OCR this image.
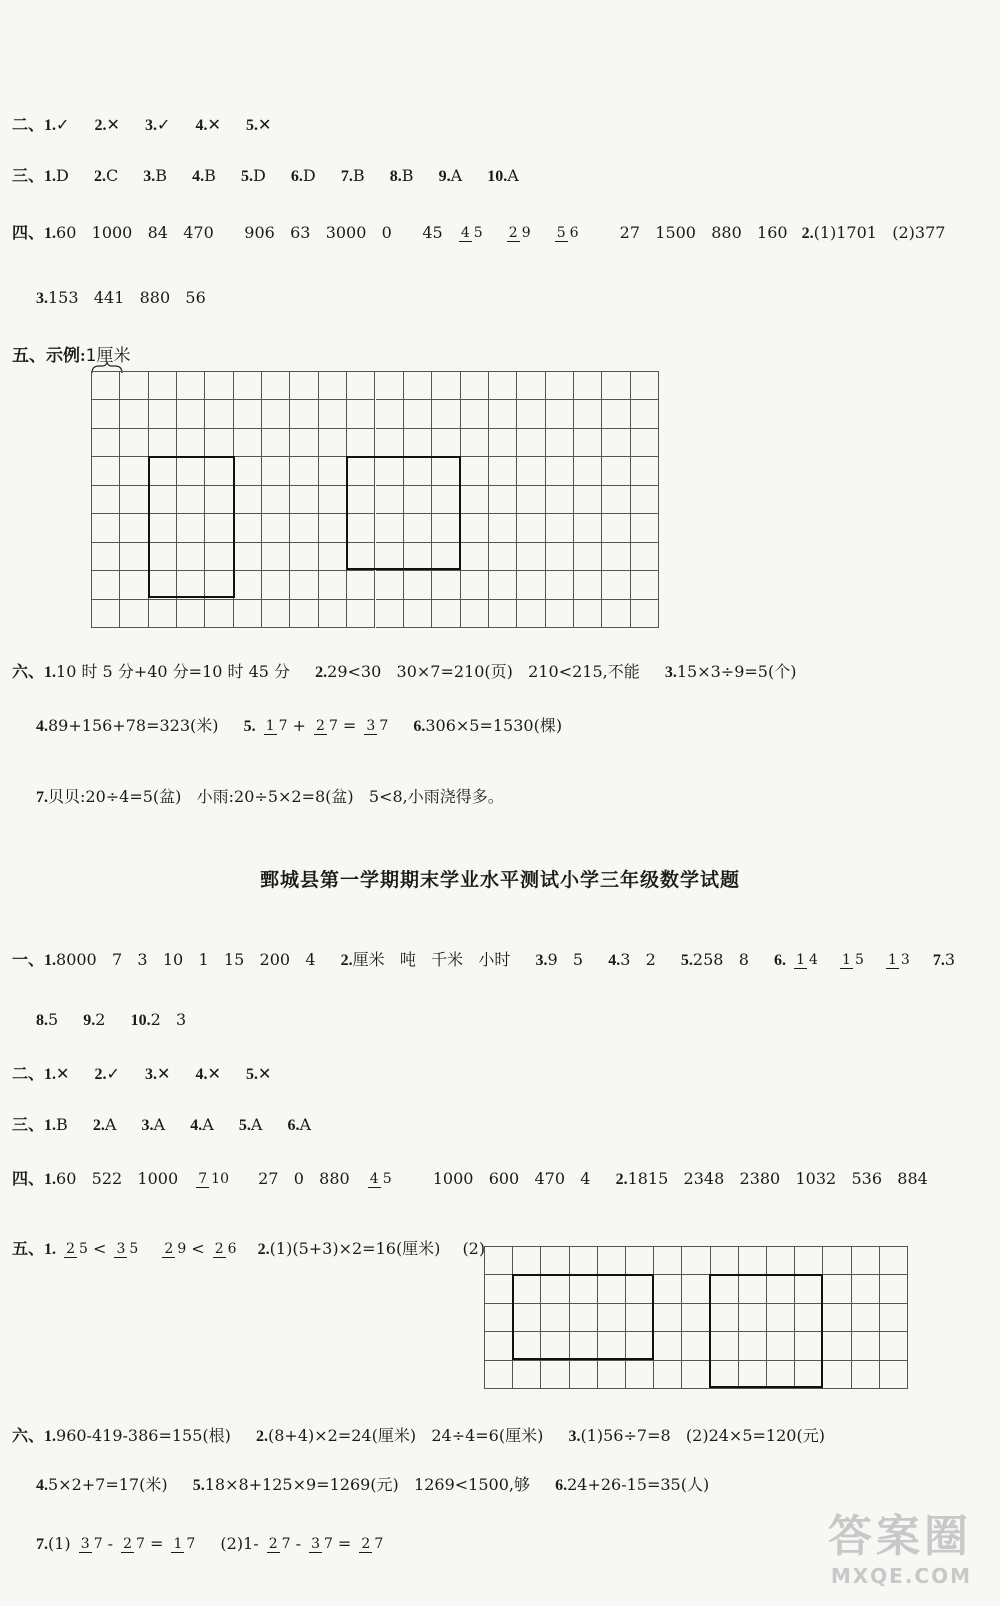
二、1.✓ 2.✕ 3.✓ 4.✕ 5.✕
三、1.D 2.C 3.B 4.B 5.D 6.D 7.B 8.B 9.A 10.A
四、1.60   1000   84   470      906   63   3000   0      45 4 5 2 9 5 6	27   1500   880   160 2.(1)1701   (2)377
3.153   441   880   56
五、示例:1厘米
六、1.10 时 5 分+40 分=10 时 45 分 2.29<30   30×7=210(页)   210<215,不能 3.15×3÷9=5(个)
4.89+156+78=323(米) 5. 1 7 + 2 7 = 3 7 6.306×5=1530(棵)
7.贝贝:20÷4=5(盆)   小雨:20÷5×2=8(盆)   5<8,小雨浇得多。
鄄城县第一学期期末学业水平测试小学三年级数学试题
一、1.8000   7   3   10   1   15   200   4 2.厘米   吨   千米   小时 3.9   5 4.3   2 5.258   8 6. 1 4 1 5 1 3 7.3
8.5 9.2 10.2   3
二、1.✕ 2.✓ 3.✕ 4.✕ 5.✕
三、1.B 2.A 3.A 4.A 5.A 6.A
四、1.60   522   1000 7 10 27   0   880 4 5	1000   600   470   4 2.1815   2348   2380   1032   536   884
五、1. 2 5 < 3 5 2 9 < 2 6 2.(1)(5+3)×2=16(厘米) (2)
六、1.960-419-386=155(根) 2.(8+4)×2=24(厘米)   24÷4=6(厘米) 3.(1)56÷7=8   (2)24×5=120(元)
4.5×2+7=17(米) 5.18×8+125×9=1269(元)   1269<1500,够 6.24+26-15=35(人)
7.(1) 3 7 - 2 7 = 1 7 (2)1- 2 7 - 3 7 = 2 7	答案圈
MXQE.COM
